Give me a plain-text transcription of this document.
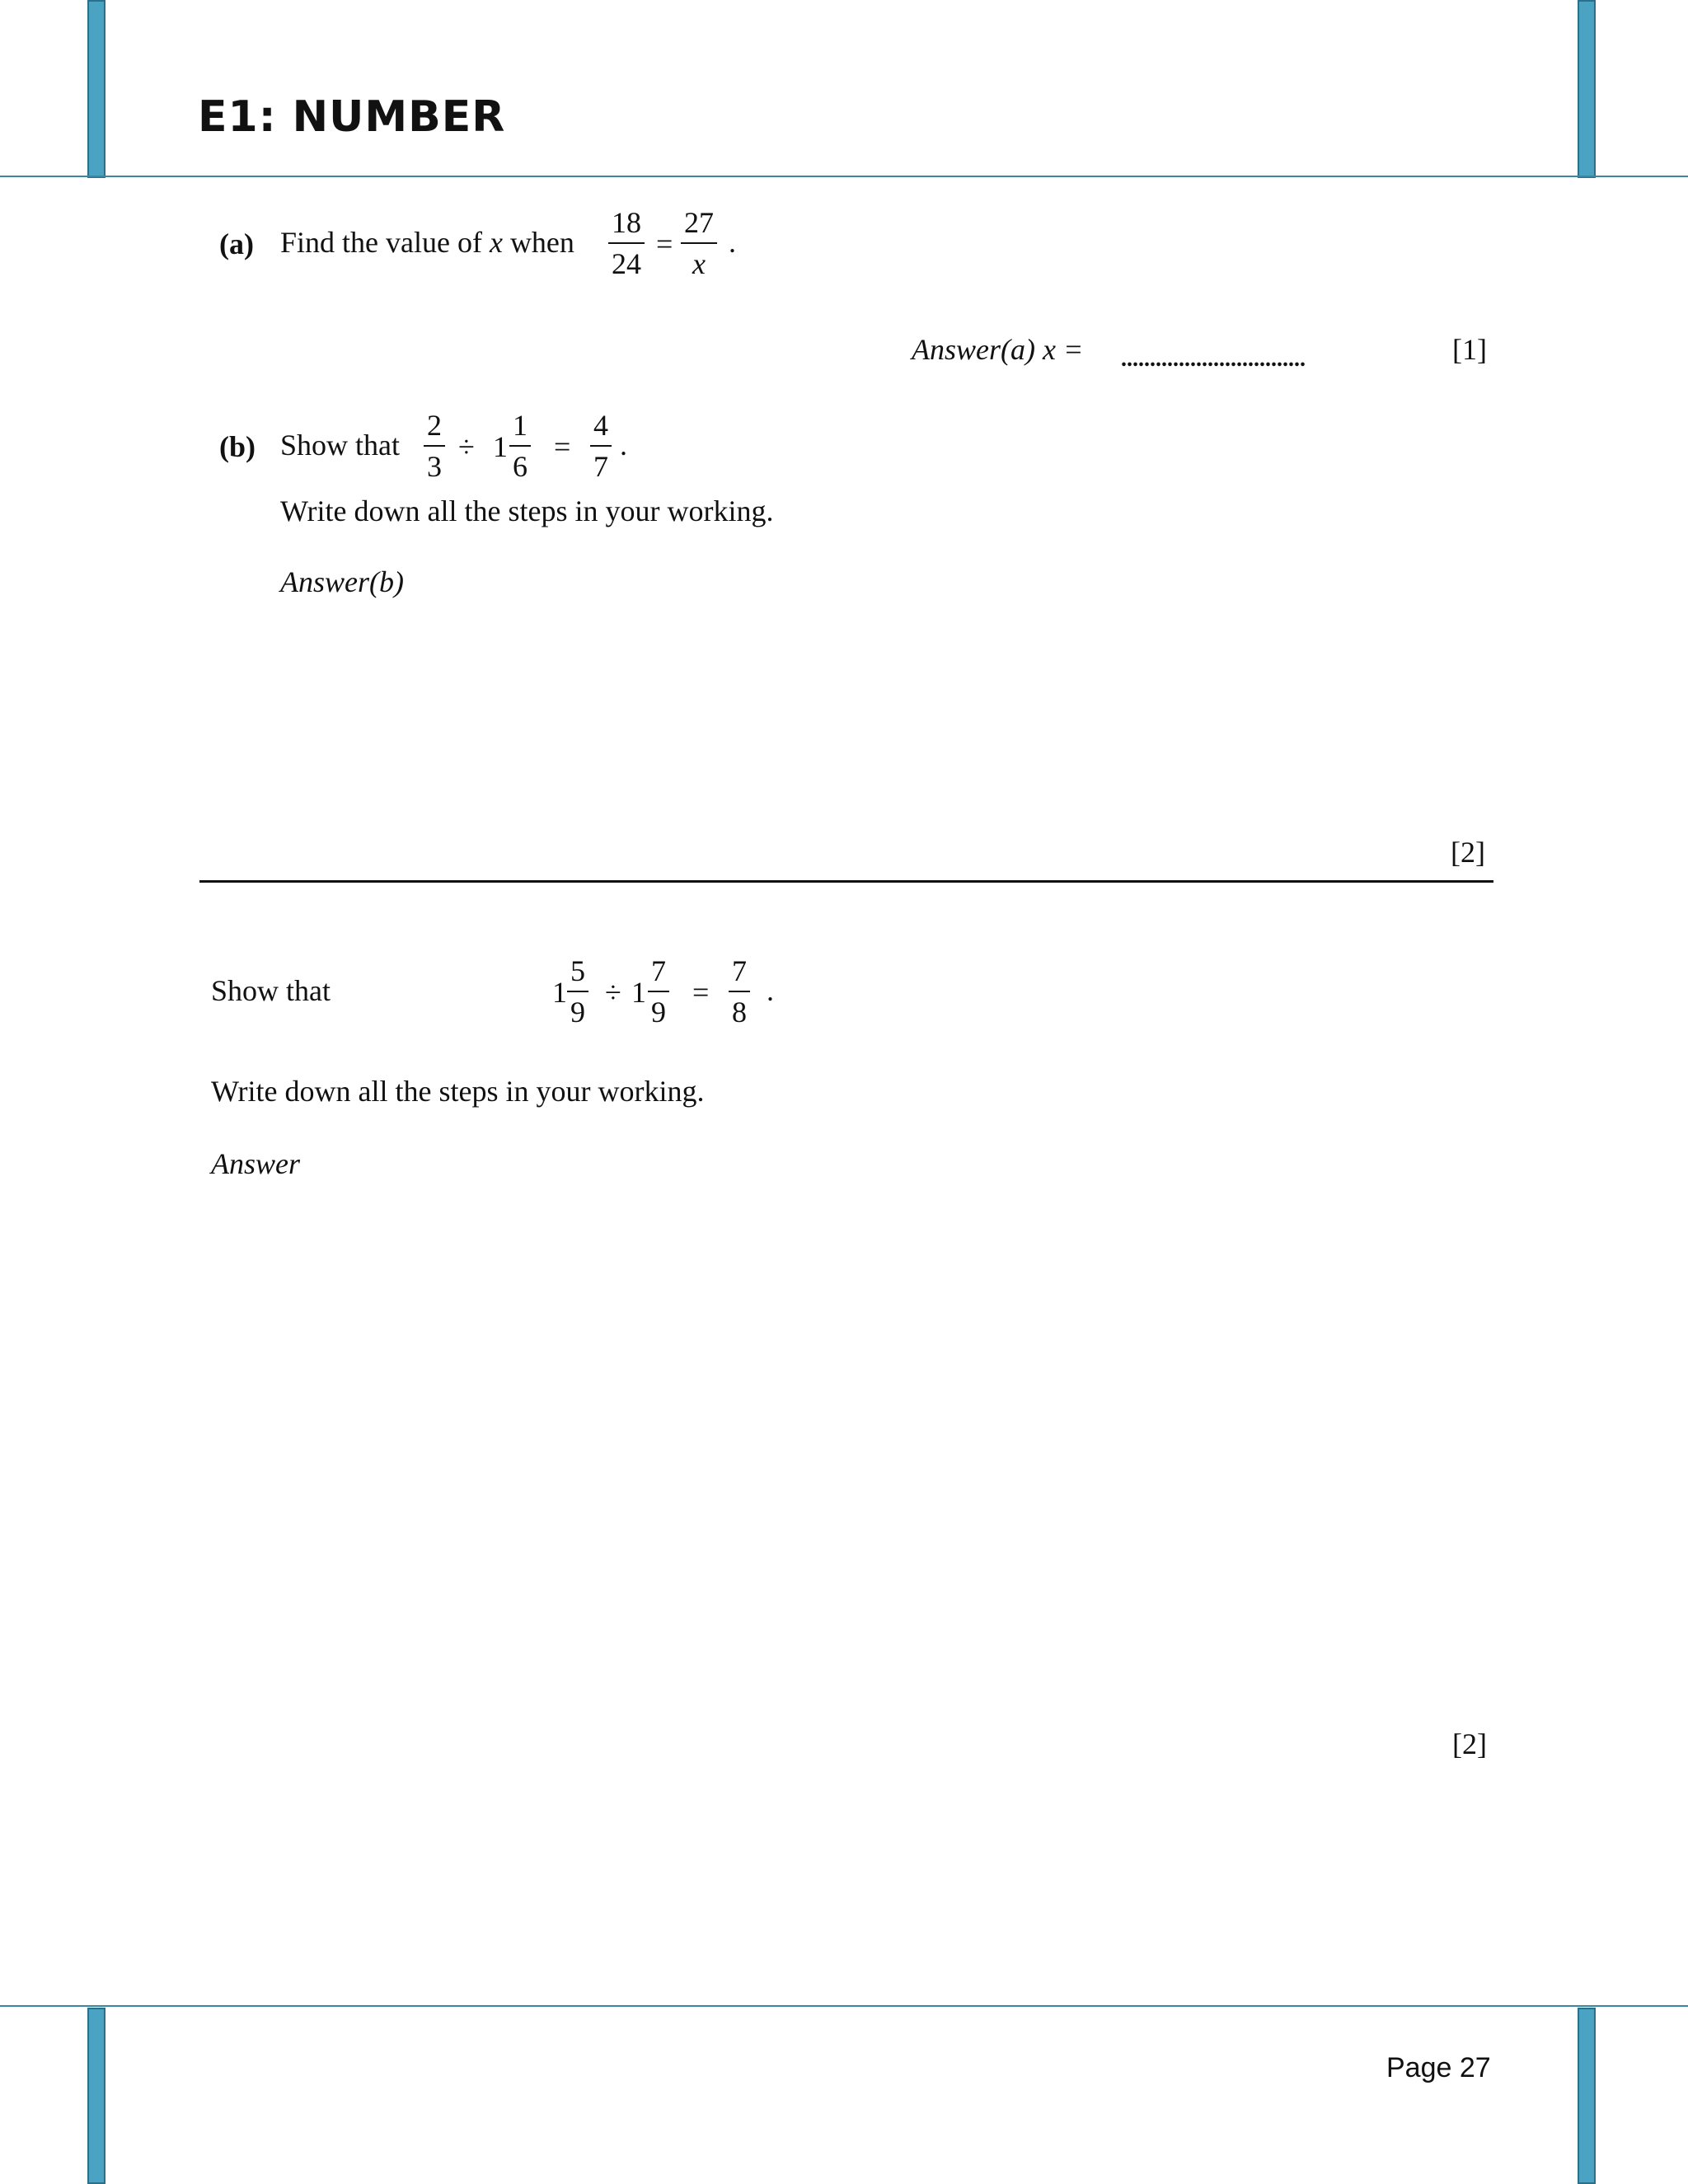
E1: NUMBER
(a) Find the value of x when
18
24
=
27
x
.
Answer(a) x = ................................	[1]
(b) Show that
2
3
÷ 1
1
6
=
4
7
.
Write down all the steps in your working.
Answer(b)
[2]
Show that	1
5
9
÷ 1
7
9
=
7
8
.
Write down all the steps in your working.
Answer
[2]
Page 27
